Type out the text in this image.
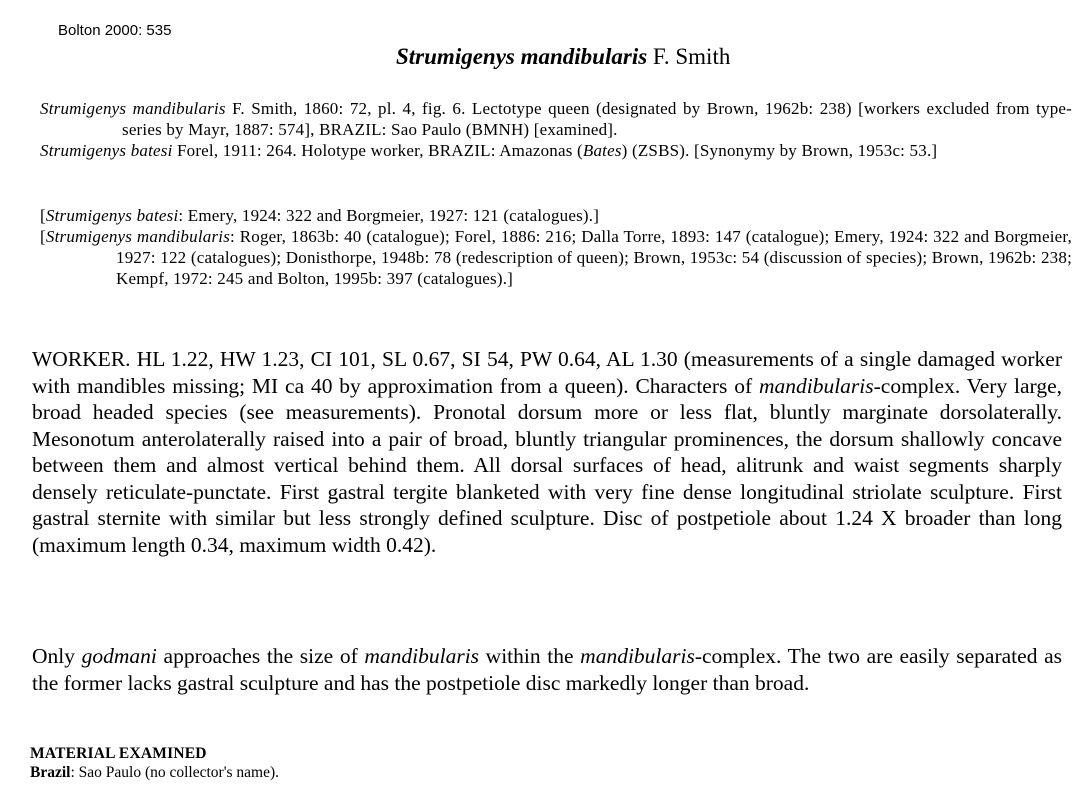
Bolton 2000: 535
Strumigenys mandibularis F. Smith

Strumigenys mandibularis F. Smith, 1860: 72, pl. 4, fig. 6. Lectotype queen (designated by Brown, 1962b: 238) [workers excluded from type-series by Mayr, 1887: 574], BRAZIL: Sao Paulo (BMNH) [examined].

Strumigenys batesi Forel, 1911: 264. Holotype worker, BRAZIL: Amazonas (Bates) (ZSBS). [Synonymy by Brown, 1953c: 53.]

[Strumigenys batesi: Emery, 1924: 322 and Borgmeier, 1927: 121 (catalogues).]

[Strumigenys mandibularis: Roger, 1863b: 40 (catalogue); Forel, 1886: 216; Dalla Torre, 1893: 147 (catalogue); Emery, 1924: 322 and Borgmeier, 1927: 122 (catalogues); Donisthorpe, 1948b: 78 (redescription of queen); Brown, 1953c: 54 (discussion of species); Brown, 1962b: 238; Kempf, 1972: 245 and Bolton, 1995b: 397 (catalogues).]

WORKER. HL 1.22, HW 1.23, CI 101, SL 0.67, SI 54, PW 0.64, AL 1.30 (measurements of a single damaged worker with mandibles missing; MI ca 40 by approximation from a queen). Characters of mandibularis-complex. Very large, broad headed species (see measurements). Pronotal dorsum more or less flat, bluntly marginate dorsolaterally. Mesonotum anterolaterally raised into a pair of broad, bluntly triangular prominences, the dorsum shallowly concave between them and almost vertical behind them. All dorsal surfaces of head, alitrunk and waist segments sharply densely reticulate-punctate. First gastral tergite blanketed with very fine dense longitudinal striolate sculpture. First gastral sternite with similar but less strongly defined sculpture. Disc of postpetiole about 1.24 X broader than long (maximum length 0.34, maximum width 0.42).

Only godmani approaches the size of mandibularis within the mandibularis-complex. The two are easily separated as the former lacks gastral sculpture and has the postpetiole disc markedly longer than broad.

MATERIAL EXAMINED
Brazil: Sao Paulo (no collector's name).
